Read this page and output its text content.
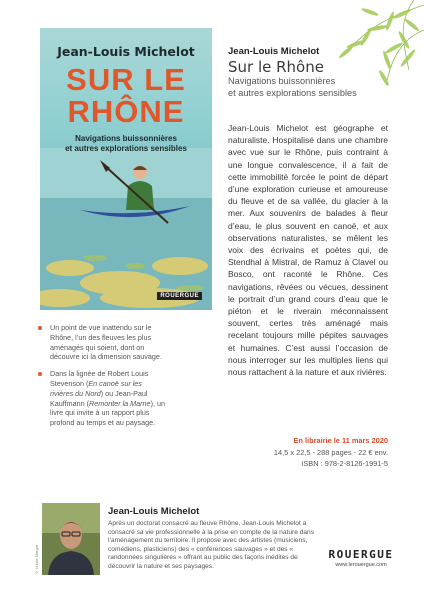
Jean-Louis Michelot
SUR LE
RHÔNE
Navigations buissonnières
et autres explorations sensibles
ROUERGUE
Jean-Louis Michelot
Sur le Rhône
Navigations buissonnières
et autres explorations sensibles

Jean-Louis Michelot est géographe et naturaliste. Hospitalisé dans une chambre avec vue sur le Rhône, puis contraint à une longue convalescence, il a fait de cette immobilité forcée le point de départ d’une exploration curieuse et amoureuse du fleuve et de sa vallée, du glacier à la mer. Aux souvenirs de balades à fleur d’eau, le plus souvent en canoë, et aux observations naturalistes, se mêlent les voix des écrivains et poètes qui, de Stendhal à Mistral, de Ramuz à Clavel ou Bosco, ont raconté le Rhône. Ces navigations, rêvées ou vécues, dessinent le portrait d’un grand cours d’eau que le piéton et le riverain méconnaissent souvent, certes très aménagé mais recelant toujours mille pépites sauvages et humaines. C’est aussi l’occasion de nous interroger sur les multiples liens qui nous rattachent à la nature et aux rivières.

Un point de vue inattendu sur le Rhône, l’un des fleuves les plus aménagés qui soient, dont on découvre ici la dimension sauvage.
Dans la lignée de Robert Louis Stevenson (En canoë sur les rivières du Nord) ou Jean-Paul Kauffmann (Remonter la Marne), un livre qui invite à un rapport plus profond au temps et au paysage.
En librairie le 11 mars 2020
14,5 x 22,5 - 288 pages - 22 € env.
ISBN : 978-2-8126-1991-5
© Lucile Margot
Jean-Louis Michelot

Après un doctorat consacré au fleuve Rhône, Jean-Louis Michelot a consacré sa vie professionnelle à la prise en compte de la nature dans l’aménagement du territoire. Il propose avec des artistes (musiciens, comédiens, plasticiens) des « conférences sauvages » et des « randonnées singulières » offrant au public des façons inédites de découvrir la nature et ses paysages.

ROUERGUE
www.lerouergue.com
